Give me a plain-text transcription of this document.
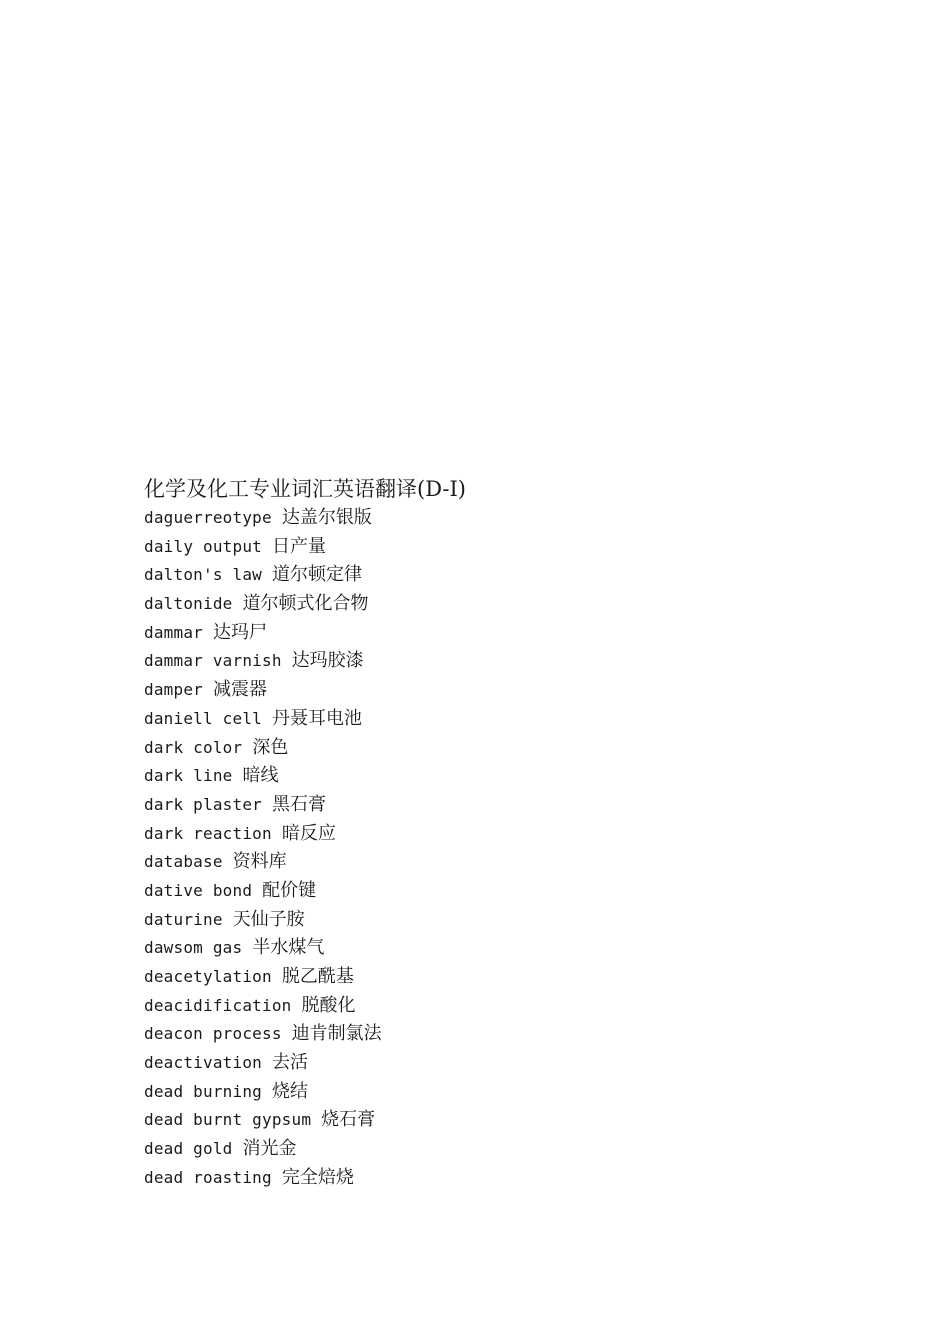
化学及化工专业词汇英语翻译(D-I)
daguerreotype 达盖尔银版
daily output 日产量
dalton's law 道尔顿定律
daltonide 道尔顿式化合物
dammar 达玛尸
dammar varnish 达玛胶漆
damper 减震器
daniell cell 丹聂耳电池
dark color 深色
dark line 暗线
dark plaster 黑石膏
dark reaction 暗反应
database 资料库
dative bond 配价键
daturine 天仙子胺
dawsom gas 半水煤气
deacetylation 脱乙酰基
deacidification 脱酸化
deacon process 迪肯制氯法
deactivation 去活
dead burning 烧结
dead burnt gypsum 烧石膏
dead gold 消光金
dead roasting 完全焙烧
